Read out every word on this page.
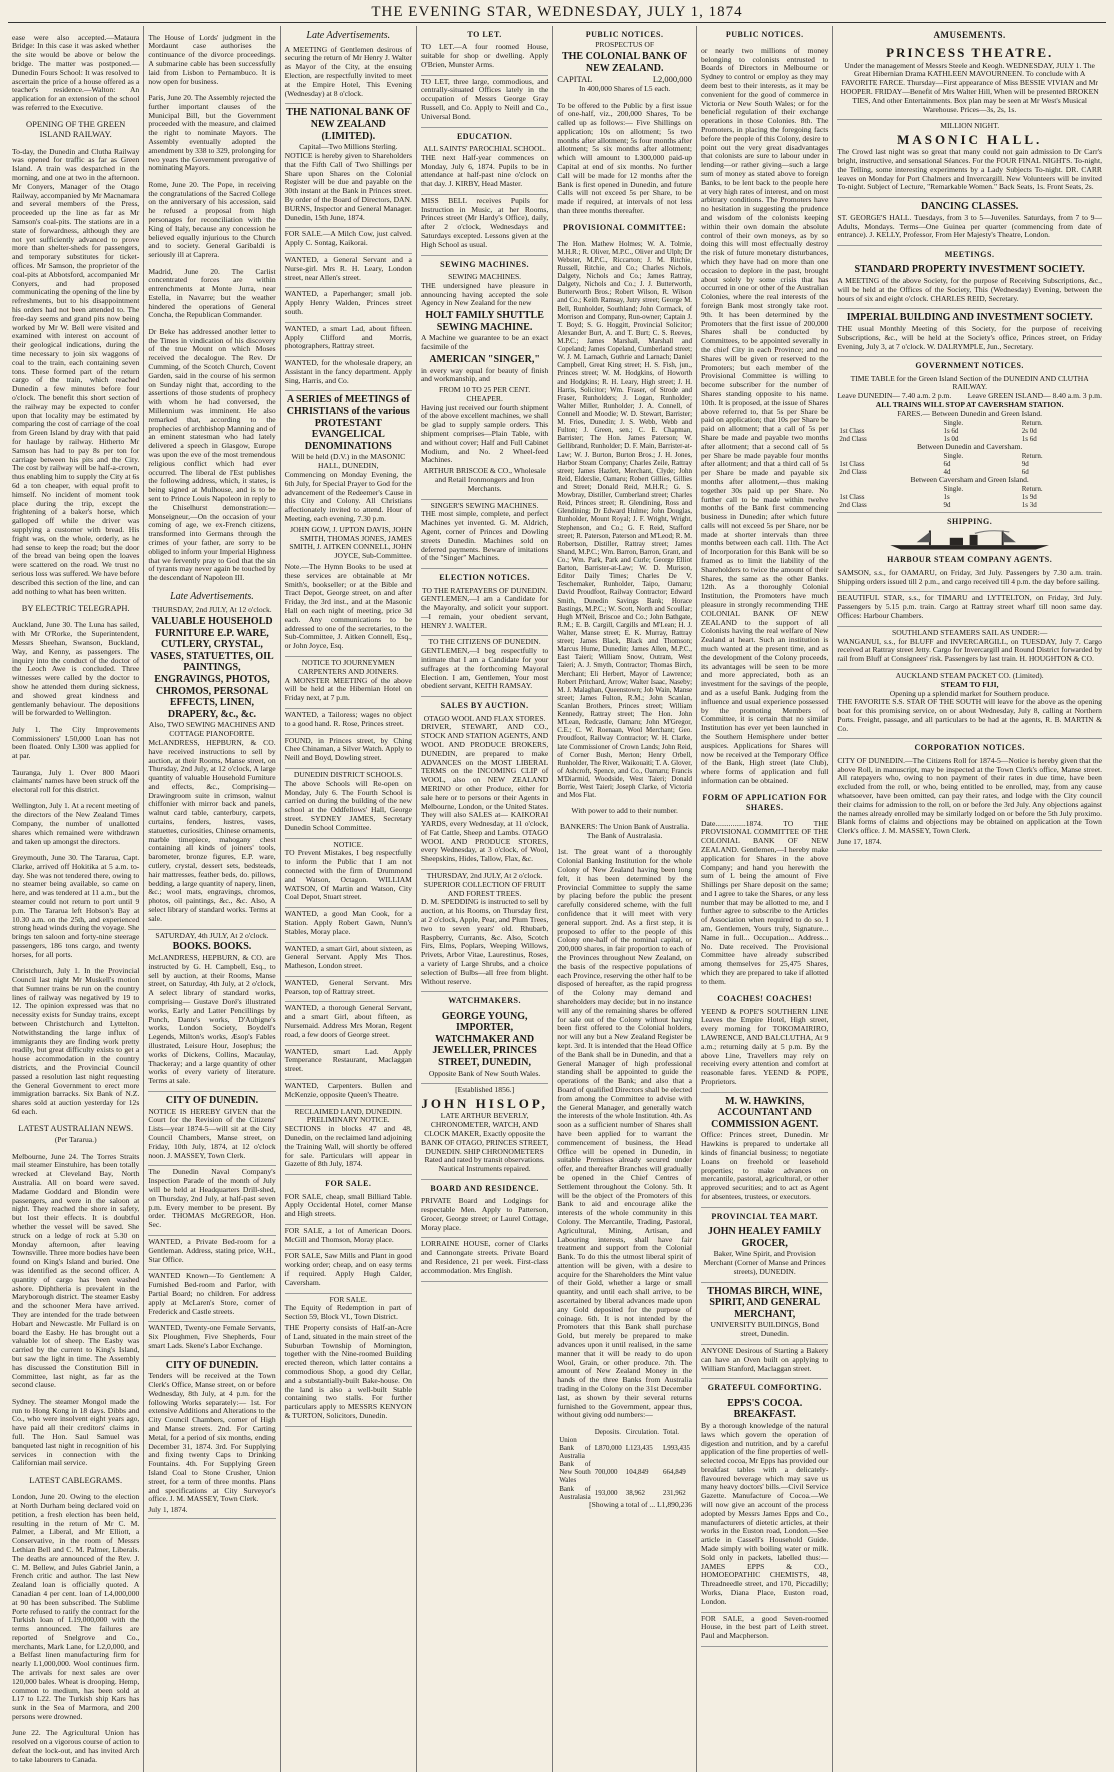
THE EVENING STAR, WEDNESDAY, JULY 1, 1874

ease were also accepted.—Mataura Bridge: In this case it was asked whether the site would be above or below the bridge. The matter was postponed.—Dunedin Fours School: It was resolved to ascertain the price of a house offered as a teacher's residence.—Walton: An application for an extension of the school was referred to the Executive.

OPENING OF THE GREEN ISLAND RAILWAY.

To-day, the Dunedin and Clutha Railway was opened for traffic as far as Green Island. A train was despatched in the morning, and one at two in the afternoon. Mr Conyers, Manager of the Otago Railway, accompanied by Mr Macnamara and several members of the Press, proceeded up the line as far as Mr Samson's coal-pits. The stations are in a state of forwardness, although they are not yet sufficiently advanced to prove more than shelter-sheds for passengers, and temporary substitutes for ticket-offices. Mr Samson, the proprietor of the coal-pits at Abbotsford, accompanied Mr Conyers, and had proposed communicating the opening of the line by refreshments, but to his disappointment his orders had not been attended to. The free-day seems and grand pits now being worked by Mr W. Bell were visited and examined with interest on account of their geological indications, during the time necessary to join six waggons of coal to the train, each containing seven tons. These formed part of the return cargo of the train, which reached Dunedin a few minutes before four o'clock. The benefit this short section of the railway may be expected to confer upon that locality may be estimated by comparing the cost of carriage of the coal from Green Island by dray with that paid for haulage by railway. Hitherto Mr Samson has had to pay 8s per ton for carriage between his pits and the City. The cost by railway will be half-a-crown, thus enabling him to supply the City at 6s 6d a ton cheaper, with equal profit to himself. No incident of moment took place during the trip, except the frightening of a baker's horse, which galloped off while the driver was supplying a customer with bread. His fright was, on the whole, orderly, as he had sense to keep the road; but the door of the bread van being open the loaves were scattered on the road. We trust no serious loss was suffered. We have before described this section of the line, and can add nothing to what has been written.

BY ELECTRIC TELEGRAPH.

Auckland, June 30. The Luna has sailed, with Mr O'Rorke, the Superintendent, Messrs Sheehan, Swanson, Buckland, Way, and Kenny, as passengers. The inquiry into the conduct of the doctor of the Leoch Awe is concluded. Three witnesses were called by the doctor to show he attended them during sickness, and showed great kindness and gentlemanly behaviour. The depositions will be forwarded to Wellington.

July 1. The City Improvements Commissioners' L50,000 Loan has not been floated. Only L300 was applied for at par.

Tauranga, July 1. Over 800 Maori claimants' names have been struck off the electoral roll for this district.

Wellington, July 1. At a recent meeting of the directors of the New Zealand Times Company, the number of unallotted shares which remained were withdrawn and taken up amongst the directors.

Greymouth, June 30. The Tararua, Capt. Clarke, arrived off Hokitika at 5 a.m. to-day. She was not tendered there, owing to no steamer being available, so came on here, and was tendered at 11 a.m., but the steamer could not return to port until 9 p.m. The Tararua left Hobson's Bay at 10.30 a.m. on the 25th, and experienced strong head winds during the voyage. She brings ten saloon and forty-nine steerage passengers, 186 tons cargo, and twenty horses, for all ports.

Christchurch, July 1. In the Provincial Council last night Mr Muskell's motion that Sumner trains be run on the country lines of railway was negatived by 19 to 12. The opinion expressed was that no necessity exists for Sunday trains, except between Christchurch and Lyttelton. Notwithstanding the large influx of immigrants they are finding work pretty readily, but great difficulty exists to get a house accommodation in the country districts, and the Provincial Council passed a resolution last night requesting the General Government to erect more immigration barracks. Six Bank of N.Z. shares sold at auction yesterday for 12s 6d each.

LATEST AUSTRALIAN NEWS.
(Per Tararua.)

Melbourne, June 24. The Torres Straits mail steamer Einstuhire, has been totally wrecked at Cleveland Bay, North Australia. All on board were saved. Madame Goddard and Blondin were passengers, and were in the saloon at night. They reached the shore in safety, but lost their effects. It is doubtful whether the vessel will be saved. She struck on a ledge of rock at 5.30 on Monday afternoon, after leaving Townsville. Three more bodies have been found on King's Island and buried. One was identified as the second officer. A quantity of cargo has been washed ashore. Diphtheria is prevalent in the Maryborough district. The steamer Easby and the schooner Mera have arrived. They are intended for the trade between Hobart and Newcastle. Mr Fullard is on board the Easby. He has brought out a valuable lot of sheep. The Easby was carried by the current to King's Island, but saw the light in time. The Assembly has discussed the Constitution Bill in Committee, last night, as far as the second clause.

Sydney. The steamer Mongol made the run to Hong Kong in 18 days. Dibbs and Co., who were insolvent eight years ago, have paid all their creditors' claims in full. The Hon. Saul Samuel was banqueted last night in recognition of his services in connection with the Californian mail service.

LATEST CABLEGRAMS.

London, June 20. Owing to the election at North Durham being declared void on petition, a fresh election has been held, resulting in the return of Mr C. M. Palmer, a Liberal, and Mr Elliott, a Conservative, in the room of Messrs Lethian Bell and C. M. Palmer, Liberals. The deaths are announced of the Rev. J. C. M. Bellew, and Jules Gabriel Janin, a French critic and author. The last New Zealand loan is officially quoted. A Canadian 4 per cent. loan of L4,000,000 at 90 has been subscribed. The Sublime Porte refused to ratify the contract for the Turkish loan of L19,000,000 with the terms announced. The failures are reported of Snelgrove and Co., merchants, Mark Lane, for L2,0,000, and a Belfast linen manufacturing firm for nearly L1,000,000. Wool continues firm. The arrivals for next sales are over 120,000 bales. Wheat is drooping. Hemp, common to medium, has been sold at L17 to L22. The Turkish ship Kars has sunk in the Sea of Marmora, and 200 persons were drowned.

June 22. The Agricultural Union has resolved on a vigorous course of action to defeat the lock-out, and has invited Arch to take labourers to Canada.

The House of Lords' judgment in the Mordaunt case authorises the continuance of the divorce proceedings. A submarine cable has been successfully laid from Lisbon to Pernambuco. It is now open for business.

Paris, June 20. The Assembly rejected the further important clauses of the Municipal Bill, but the Government proceeded with the measure, and claimed the right to nominate Mayors. The Assembly eventually adopted the amendment by 338 to 329, prolonging for two years the Government prerogative of nominating Mayors.

Rome, June 20. The Pope, in receiving the congratulations of the Sacred College on the anniversary of his accession, said he refused a proposal from high personages for reconciliation with the King of Italy, because any concession he believed equally injurious to the Church and to society. General Garibaldi is seriously ill at Caprera.

Madrid, June 20. The Carlist concentrated forces are within entrenchments at Monte Jurra, near Estella, in Navarre; but the weather hindered the operations of General Concha, the Republican Commander.

Dr Beke has addressed another letter to the Times in vindication of his discovery of the true Mount on which Moses received the decalogue. The Rev. Dr Cumming, of the Scotch Church, Covent Garden, said in the course of his sermon on Sunday night that, according to the assertions of those students of prophecy with whom he had conversed, the Millennium was imminent. He also remarked that, according to the prophecies of archbishop Manning and of an eminent statesman who had lately delivered a speech in Glasgow, Europe was upon the eve of the most tremendous religious conflict which had ever occurred. The liberal de l'Est publishes the following address, which, it states, is being signed at Mulhouse, and is to be sent to Prince Louis Napoleon in reply to the Chiselhurst demonstration:—Monseigneur,—On the occasion of your coming of age, we ex-French citizens, transformed into Germans through the crimes of your father, are sorry to be obliged to inform your Imperial Highness that we fervently pray to God that the sin of tyrants may never again be touched by the descendant of Napoleon III.

Late Advertisements.
THURSDAY, 2nd JULY, At 12 o'clock.
VALUABLE HOUSEHOLD FURNITURE E.P. WARE, CUTLERY, CRYSTAL, VASES, STATUETTES, OIL PAINTINGS, ENGRAVINGS, PHOTOS, CHROMOS, PERSONAL EFFECTS, LINEN, DRAPERY, &c., &c.
Also, TWO SEWING MACHINES AND COTTAGE PIANOFORTE.

McLANDRESS, HEPBURN, & CO. have received instructions to sell by auction, at their Rooms, Manse street, on Thursday, 2nd July, at 12 o'clock, A large quantity of valuable Household Furniture and effects, &c., Comprising— Drawingroom suite in crimson, walnut chiffonier with mirror back and panels, walnut card table, canterbury, carpets, curtains, fenders, lustres, vases, statuettes, curiosities, Chinese ornaments, marble timepiece, mahogany chest containing all kinds of joiners' tools, barometer, bronze figures, E.P. ware, cutlery, crystal, dessert sets, bedsteads, hair mattresses, feather beds, do. pillows, bedding, a large quantity of napery, linen, &c.; wool mats, engravings, chromos, photos, oil paintings, &c., &c. Also, A select library of standard works. Terms at sale.

SATURDAY, 4th JULY, At 2 o'clock.
BOOKS. BOOKS.

McLANDRESS, HEPBURN, & CO. are instructed by G. H. Campbell, Esq., to sell by auction, at their Rooms, Manse street, on Saturday, 4th July, at 2 o'clock, A select library of standard works, comprising— Gustave Doré's illustrated works, Early and Latter Pencillings by Punch, Dante's works, D'Aubigne's works, London Society, Boydell's Legends, Milton's works, Æsop's Fables illustrated, Leisure Hour, Josephus; the works of Dickens, Collins, Macaulay, Thackeray; and a large quantity of other works of every variety of literature. Terms at sale.

CITY OF DUNEDIN.

NOTICE IS HEREBY GIVEN that the Court for the Revision of the Citizens' Lists—year 1874-5—will sit at the City Council Chambers, Manse street, on Friday, 10th July, 1874, at 12 o'clock noon. J. MASSEY, Town Clerk.

The Dunedin Naval Company's Inspection Parade of the month of July will be held at Headquarters Drill-shed, on Thursday, 2nd July, at half-past seven p.m. Every member to be present. By order. THOMAS McGREGOR, Hon. Sec.

WANTED, a Private Bed-room for a Gentleman. Address, stating price, W.H., Star Office.

WANTED Known—To Gentlemen: A Furnished Bed-room and Parlor, with Partial Board; no children. For address apply at McLaren's Store, corner of Frederick and Castle streets.

WANTED, Twenty-one Female Servants, Six Ploughmen, Five Shepherds, Four smart Lads. Skene's Labor Exchange.

CITY OF DUNEDIN.

Tenders will be received at the Town Clerk's Office, Manse street, on or before Wednesday, 8th July, at 4 p.m. for the following Works separately:— 1st. For extensive Additions and Alterations to the City Council Chambers, corner of High and Manse streets. 2nd. For Carting Metal, for a period of six months, ending December 31, 1874. 3rd. For Supplying and fixing twenty Caps to Drinking Fountains. 4th. For Supplying Green Island Coal to Stone Crusher, Union street, for a term of three months. Plans and specifications at City Surveyor's office. J. M. MASSEY, Town Clerk.

July 1, 1874.
Late Advertisements.

A MEETING of Gentlemen desirous of securing the return of Mr Henry J. Walter as Mayor of the City, at the ensuing Election, are respectfully invited to meet at the Empire Hotel, This Evening (Wednesday) at 8 o'clock.

THE NATIONAL BANK OF NEW ZEALAND (LIMITED).
Capital—Two Millions Sterling.

NOTICE is hereby given to Shareholders that the Fifth Call of Two Shillings per Share upon Shares on the Colonial Register will be due and payable on the 30th instant at the Bank in Princes street. By order of the Board of Directors, DAN. BURNS, Inspector and General Manager. Dunedin, 15th June, 1874.

FOR SALE.—A Milch Cow, just calved. Apply C. Sontag, Kaikorai.

WANTED, a General Servant and a Nurse-girl. Mrs R. H. Leary, London street, near Allen's street.

WANTED, a Paperhanger; small job. Apply Henry Walden, Princes street south.

WANTED, a smart Lad, about fifteen. Apply Clifford and Morris, photographers, Rattray street.

WANTED, for the wholesale drapery, an Assistant in the fancy department. Apply Sing, Harris, and Co.

A SERIES of MEETINGS of CHRISTIANS of the various PROTESTANT EVANGELICAL DENOMINATIONS
Will be held (D.V.) in the MASONIC HALL, DUNEDIN,

Commencing on Monday Evening, the 6th July, for Special Prayer to God for the advancement of the Redeemer's Cause in this City and Colony. All Christians affectionately invited to attend. Hour of Meeting, each evening, 7.30 p.m.

JOHN GOW, J. UPTON DAVIS, JOHN SMITH, THOMAS JONES, JAMES SMITH, J. AITKEN CONNELL, JOHN JOYCE, Sub-Committee.

Note.—The Hymn Books to be used at these services are obtainable at Mr Smith's, bookseller; or at the Bible and Tract Depot, George street, on and after Friday, the 3rd inst., and at the Masonic Hall on each night of meeting, price 3d each. Any communications to be addressed to one of the secretaries, to the Sub-Committee, J. Aitken Connell, Esq., or John Joyce, Esq.

NOTICE TO JOURNEYMEN CARPENTERS AND JOINERS.

A MONSTER MEETING of the above will be held at the Hibernian Hotel on Friday next, at 7 p.m.

WANTED, a Tailoress; wages no object to a good hand. R. Rose, Princes street.

FOUND, in Princes street, by Ching Chee Chinaman, a Silver Watch. Apply to Neill and Boyd, Dowling street.

DUNEDIN DISTRICT SCHOOLS.

The above Schools will Re-open on Monday, July 6. The Fourth School is carried on during the building of the new school at the Oddfellows' Hall, George street. SYDNEY JAMES, Secretary Dunedin School Committee.

NOTICE.

TO Prevent Mistakes, I beg respectfully to inform the Public that I am not connected with the firm of Drummond and Watson, Octagon. WILLIAM WATSON, Of Martin and Watson, City Coal Depot, Stuart street.

WANTED, a good Man Cook, for a Station. Apply Robert Gawn, Nunn's Stables, Moray place.

WANTED, a smart Girl, about sixteen, as General Servant. Apply Mrs Thos. Matheson, London street.

WANTED, General Servant. Mrs Pearson, top of Rattray street.

WANTED, a thorough General Servant, and a smart Girl, about fifteen, as Nursemaid. Address Mrs Moran, Regent road, a few doors of George street.

WANTED, smart Lad. Apply Temperance Restaurant, Maclaggan street.

WANTED, Carpenters. Bullen and McKenzie, opposite Queen's Theatre.

RECLAIMED LAND, DUNEDIN.
PRELIMINARY NOTICE.

SECTIONS in blocks 47 and 48, Dunedin, on the reclaimed land adjoining the Training Wall, will shortly be offered for sale. Particulars will appear in Gazette of 8th July, 1874.

FOR SALE.

FOR SALE, cheap, small Billiard Table. Apply Occidental Hotel, corner Manse and High streets.

FOR SALE, a lot of American Doors. McGill and Thomson, Moray place.

FOR SALE, Saw Mills and Plant in good working order; cheap, and on easy terms if required. Apply Hugh Calder, Caversham.

FOR SALE.

The Equity of Redemption in part of Section 59, Block VI., Town District.

THE Property consists of Half-an-Acre of Land, situated in the main street of the Suburban Township of Mornington, together with the Nine-roomed Building erected thereon, which latter contains a commodious Shop, a good dry Cellar, and a substantially-built Bake-house. On the land is also a well-built Stable containing two stalls. For further particulars apply to MESSRS KENYON & TURTON, Solicitors, Dunedin.

TO LET.

TO LET.—A four roomed House, suitable for shop or dwelling. Apply O'Brien, Munster Arms.

TO LET, three large, commodious, and centrally-situated Offices lately in the occupation of Messrs George Gray Russell, and Co. Apply to Neill and Co., Universal Bond.

EDUCATION.
ALL SAINTS' PAROCHIAL SCHOOL.

THE next Half-year commences on Monday, July 6, 1874. Pupils to be in attendance at half-past nine o'clock on that day. J. KIRBY, Head Master.

MISS BELL receives Pupils for Instruction in Music, at her Rooms, Princes street (Mr Hardy's Office), daily, after 2 o'clock, Wednesdays and Saturdays excepted. Lessons given at the High School as usual.

SEWING MACHINES.
SEWING MACHINES.

THE undersigned have pleasure in announcing having accepted the sole Agency in New Zealand for the new

HOLT FAMILY SHUTTLE SEWING MACHINE.

A Machine we guarantee to be an exact facsimile of the

AMERICAN "SINGER,"

in every way equal for beauty of finish and workmanship, and

FROM 10 TO 25 PER CENT. CHEAPER.

Having just received our fourth shipment of the above excellent machines, we shall be glad to supply sample orders. This shipment comprises—Plain Table, with and without cover; Half and Full Cabinet Modium, and No. 2 Wheel-feed Machines.

ARTHUR BRISCOE & CO., Wholesale and Retail Ironmongers and Iron Merchants.

SINGER'S SEWING MACHINES.

THE most simple, complete, and perfect Machines yet invented. G. M. Aldrich, Agent, corner of Princes and Dowling streets Dunedin. Machines sold on deferred payments. Beware of imitations of the "Singer" Machines.

ELECTION NOTICES.
TO THE RATEPAYERS OF DUNEDIN.

GENTLEMEN,—I am a Candidate for the Mayoralty, and solicit your support.—I remain, your obedient servant, HENRY J. WALTER.

TO THE CITIZENS OF DUNEDIN.

GENTLEMEN,—I beg respectfully to intimate that I am a Candidate for your suffrages at the forthcoming Mayoral Election. I am, Gentlemen, Your most obedient servant, KEITH RAMSAY.

SALES BY AUCTION.
OTAGO WOOL AND FLAX STORES.

DRIVER, STEWART, AND CO., STOCK AND STATION AGENTS, AND WOOL AND PRODUCE BROKERS, DUNEDIN, are prepared to make ADVANCES on the MOST LIBERAL TERMS on the INCOMING CLIP of WOOL, also on NEW ZEALAND MERINO or other Produce, either for sale here or to persons or their Agents in Melbourne, London, or the United States. They will also SALES at— KAIKORAI YARDS, every Wednesday, at 11 o'clock, of Fat Cattle, Sheep and Lambs. OTAGO WOOL AND PRODUCE STORES, every Wednesday, at 3 o'clock, of Wool, Sheepskins, Hides, Tallow, Flax, &c.

THURSDAY, 2nd JULY, At 2 o'clock.
SUPERIOR COLLECTION OF FRUIT AND FOREST TREES.

D. M. SPEDDING is instructed to sell by auction, at his Rooms, on Thursday first, at 2 o'clock, Apple, Pear, and Plum Trees, two to seven years' old. Rhubarb, Raspberry, Currants, &c. Also, Scotch Firs, Elms, Poplars, Weeping Willows, Privets, Arbor Vitae, Laurestinus, Roses, a variety of Large Shrubs, and a choice selection of Bulbs—all free from blight. Without reserve.

WATCHMAKERS.
GEORGE YOUNG, IMPORTER, WATCHMAKER AND JEWELLER, PRINCES STREET, DUNEDIN,

Opposite Bank of New South Wales.

[Established 1856.]
JOHN HISLOP,

LATE ARTHUR BEVERLY, CHRONOMETER, WATCH, AND CLOCK MAKER, Exactly opposite the BANK OF OTAGO, PRINCES STREET, DUNEDIN. SHIP CHRONOMETERS Rated and rated by transit observations. Nautical Instruments repaired.

BOARD AND RESIDENCE.

PRIVATE Board and Lodgings for respectable Men. Apply to Patterson, Grocer, George street; or Laurel Cottage, Moray place.

LORRAINE HOUSE, corner of Clarks and Cannongate streets. Private Board and Residence, 21 per week. First-class accommodation. Mrs English.

PUBLIC NOTICES.
PROSPECTUS OF
THE COLONIAL BANK OF NEW ZEALAND.
CAPITAL	L2,000,000
In 400,000 Shares of L5 each.

To be offered to the Public by a first issue of one-half, viz., 200,000 Shares, To be called up as follows:— Five Shillings on application; 10s on allotment; 5s two months after allotment; 5s four months after allotment; 5s six months after allotment; which will amount to L300,000 paid-up Capital at end of six months. No further Call will be made for 12 months after the Bank is first opened in Dunedin, and future Calls will not exceed 5s per Share, to be made if required, at intervals of not less than three months thereafter.

PROVISIONAL COMMITTEE:

The Hon. Mathew Holmes; W. A. Tolmie, M.H.R.; R. Oliver, M.P.C., Oliver and Ulph; Dr Webster, M.P.C., Riccarton; J. M. Ritchie, Russell, Ritchie, and Co.; Charles Nichols, Dalgety, Nichols and Co.; James Rattray, Dalgety, Nichols and Co.; J. J. Butterworth, Butterworth Bros.; Robert Wilson, R. Wilson and Co.; Keith Ramsay, Jutry street; George M. Bell, Runholder, Southland; John Cormack, of Morrison and Company, Run-owner; Captain J. T. Boyd; S. G. Hoggitt, Provincial Solicitor; Alexander Burt, A. and T. Burt; C. S. Reeves, M.P.C.; James Marshall, Marshall and Copeland; James Copeland, Cumberland street; W. J. M. Larnach, Guthrie and Larnach; Daniel Campbell, Great King street; H. S. Fish, jun., Princes street; W. M. Hodgkins, of Howorth and Hodgkins; R. H. Leary, High street; J. H. Harris, Solicitor; Wm. Fraser, of Strode and Fraser, Runholders; J. Logan, Runholder; Walter Miller, Runholder; J. A. Connell, of Connell and Moodie; W. D. Stewart, Barrister; M. Fries, Dunedin; J. S. Webb, Webb and Fulton; J. Green, sen.; C. E. Chapman, Barrister; The Hon. James Paterson; W. Gellibrand, Runholder; D. F. Main, Barrister-at-Law; W. J. Burton, Burton Bros.; J. H. Jones, Harbor Steam Company; Charles Zeile, Rattray street; James Hazlett, Merchant, Clyde; John Reid, Elderslie, Oamaru; Robert Gillies, Gillies and Street; Donald Reid, M.H.R.; G. S. Mowbray, Distiller, Cumberland street; Charles Reid, Princes street; R. Glendining, Ross and Glendining; Dr Edward Hulme; John Douglas, Runholder, Mount Royal; J. F. Wright, Wright, Stephenson, and Co.; G. F. Reid, Stafford street; R. Paterson, Paterson and M'Leod; R. M. Robertson, Distiller, Rattray street; James Shand, M.P.C.; Wm. Barron, Barron, Grant, and Co.; Wm. Park, Park and Curle; George Elliot Barton, Barrister-at-Law; W. D. Murison, Editor Daily Times; Charles De V. Teschemaker, Runholder, Taipo, Oamaru; David Proudfoot, Railway Contractor; Edward Smith, Dunedin Savings Bank; Horace Bastings, M.P.C.; W. Scott, North and Scoullar; Hugh M'Neil, Briscoe and Co.; John Bathgate, R.M.; E. B. Cargill, Cargills and M'Lean; H. J. Walter, Manse street; E. K. Murray, Rattray street; James Black, Black and Thomson; Marcus Hume, Dunedin; James Allen, M.P.C., East Taieri; William Snow, Outram, West Taieri; A. J. Smyth, Contractor; Thomas Birch, Merchant; Eli Herbert, Mayor of Lawrence; Robert Pritchard, Arrow; Walter Isaac, Naseby; M. J. Malaghan, Queenstown; Job Wain, Manse street; James Fulton, R.M.; John Scanlan, Scanlan Brothers, Princes street; William Kennedy, Rattray street; The Hon. John M'Lean, Redcastle, Oamaru; John M'Gregor, C.E.; C. W. Roenaan, Wool Merchant; Geo. Proudfoot, Railway Contractor; W. H. Clarke, late Commissioner of Crown Lands; John Reid, of Corner Bush, Merton; Henry Orbell, Runholder, The River, Waikouaiti; T. A. Glover, of Ashcroft, Spence, and Co., Oamaru; Francis M'Diarmid, Woodside, West Taieri; Donald Borrie, West Taieri; Joseph Clarke, of Victoria and Mos Flat.

With power to add to their number.

BANKERS: The Union Bank of Australia. The Bank of Australasia.

1st. The great want of a thoroughly Colonial Banking Institution for the whole Colony of New Zealand having been long felt, it has been determined by the Provincial Committee to supply the same by placing before the public the present carefully considered scheme, with the full confidence that it will meet with very general support. 2nd. As a first step, it is proposed to offer to the people of this Colony one-half of the nominal capital, or 200,000 shares, in fair proportion to each of the Provinces throughout New Zealand, on the basis of the respective populations of each Province, reserving the other half to be disposed of hereafter, as the rapid progress of the Colony may demand and shareholders may decide; but in no instance will any of the remaining shares be offered for sale out of the Colony without having been first offered to the Colonial holders, nor will any but a New Zealand Register be kept. 3rd. It is intended that the Head Office of the Bank shall be in Dunedin, and that a General Manager of high professional standing shall be appointed to guide the operations of the Bank; and also that a Board of qualified Directors shall be elected from among the Committee to advise with the General Manager, and generally watch the interests of the whole Institution. 4th. As soon as a sufficient number of Shares shall have been applied for to warrant the commencement of business, the Head Office will be opened in Dunedin, in suitable Premises already secured under offer, and thereafter Branches will gradually be opened in the Chief Centres of Settlement throughout the Colony. 5th. It will be the object of the Promoters of this Bank to aid and encourage alike the interests of the whole community in this Colony. The Mercantile, Trading, Pastoral, Agricultural, Mining, Artisan, and Labouring interests, shall have fair treatment and support from the Colonial Bank. To do this the utmost liberal spirit of attention will be given, with a desire to acquire for the Shareholders the Mint value of their Gold, whether a large or small quantity, and until each shall arrive, to be ascertained by liberal advances made upon any Gold deposited for the purpose of coinage. 6th. It is not intended by the Promoters that this Bank shall purchase Gold, but merely be prepared to make advances upon it until realised, in the same manner that it will be ready to do upon Wool, Grain, or other produce. 7th. The amount of New Zealand Money in the hands of the three Banks from Australia trading in the Colony on the 31st December last, as shown by their several returns furnished to the Government, appear thus, without giving odd numbers:—

	Deposits.	Circulation.	Total.
Union Bank of Australia	L870,000	L123,435	L993,435
Bank of New South Wales	700,000	104,849	664,849
Bank of Australasia	193,000	38,962	231,962
[Showing a total of ... L1,890,236
PUBLIC NOTICES.

or nearly two millions of money belonging to colonists entrusted to Boards of Directors in Melbourne or Sydney to control or employ as they may deem best to their interests, as it may be convenient for the good of commerce in Victoria or New South Wales; or for the beneficial regulation of their exchange operations in those Colonies. 8th. The Promoters, in placing the foregoing facts before the people of this Colony, desire to point out the very great disadvantages that colonists are sure to labour under in lending—or rather giving—such a large sum of money as stated above to foreign Banks, to be lent back to the people here at very high rates of interest, and on most arbitrary conditions. The Promoters have no hesitation in suggesting the prudence and wisdom of the colonists keeping within their own domain the absolute control of their own moneys, as by so doing this will most effectually destroy the risk of future monetary disturbances, which they have had on more than one occasion to deplore in the past, brought about solely by some crisis that has occurred in one or other of the Australian Colonies, where the real interests of the foreign Bank most strongly take root. 9th. It has been determined by the Promoters that the first issue of 200,000 Shares shall be conducted by Committees, to be appointed severally in the chief City in each Province; and no Shares will be given or reserved to the Promoters; but each member of the Provisional Committee is willing to become subscriber for the number of Shares standing opposite to his name. 10th. It is proposed, at the issue of Shares above referred to, that 5s per Share be paid on application; that 10s per Share be paid on allotment; that a call of 5s per Share be made and payable two months after allotment; that a second call of 5s per Share be made payable four months after allotment; and that a third call of 5s per Share be made and payable six months after allotment,—thus making together 30s paid up per Share. No further call to be made within twelve months of the Bank first commencing business in Dunedin; after which future calls will not exceed 5s per Share, nor be made at shorter intervals than three months between each call. 11th. The Act of Incorporation for this Bank will be so framed as to limit the liability of the Shareholders to twice the amount of their Shares, the same as the other Banks. 12th. As a thoroughly Colonial Institution, the Promoters have much pleasure in strongly recommending THE COLONIAL BANK OF NEW ZEALAND to the support of all Colonists having the real welfare of New Zealand at heart. Such an institution is much wanted at the present time, and as the development of the Colony proceeds, its advantages will be seen to be more and more appreciated, both as an investment for the savings of the people, and as a useful Bank. Judging from the influence and usual experience possessed by the promoting Members of Committee, it is certain that no similar Institution has ever yet been launched in the Southern Hemisphere under better auspices. Applications for Shares will now be received at the Temporary Office of the Bank, High street (late Club), where forms of application and full information can be obtained.

FORM OF APPLICATION FOR SHARES.

Date................1874. TO THE PROVISIONAL COMMITTEE OF THE COLONIAL BANK OF NEW ZEALAND. Gentlemen,—I hereby make application for Shares in the above Company; and hand you herewith the sum of L being the amount of Five Shillings per Share deposit on the same; and I agree to take the Shares, or any less number that may be allotted to me, and I further agree to subscribe to the Articles of Association when required to do so. I am, Gentlemen, Yours truly, Signature... Name in full... Occupation... Address... No. Date received. The Provisional Committee have already subscribed among themselves for 25,475 Shares, which they are prepared to take if allotted to them.

COACHES! COACHES!

YEEND & POPE'S SOUTHERN LINE Leaves the Empire Hotel, High street, every morning for TOKOMAIRIRO, LAWRENCE, AND BALCLUTHA, At 9 a.m.; returning daily at 5 p.m. By the above Line, Travellers may rely on receiving every attention and comfort at reasonable fares. YEEND & POPE, Proprietors.

M. W. HAWKINS, ACCOUNTANT AND COMMISSION AGENT.

Office: Princes street, Dunedin. Mr Hawkins is prepared to undertake all kinds of financial business; to negotiate Loans on freehold or leasehold properties; to make advances on mercantile, pastoral, agricultural, or other approved securities; and to act as Agent for absentees, trustees, or executors.

PROVINCIAL TEA MART.
JOHN HEALEY FAMILY GROCER,

Baker, Wine Spirit, and Provision Merchant (Corner of Manse and Princes streets), DUNEDIN.

THOMAS BIRCH, WINE, SPIRIT, AND GENERAL MERCHANT,

UNIVERSITY BUILDINGS, Bond street, Dunedin.

ANYONE Desirous of Starting a Bakery can have an Oven built on applying to William Stanford, Maclaggan street.

GRATEFUL COMFORTING.
EPPS'S COCOA. BREAKFAST.

By a thorough knowledge of the natural laws which govern the operation of digestion and nutrition, and by a careful application of the fine properties of well-selected cocoa, Mr Epps has provided our breakfast tables with a delicately-flavoured beverage which may save us many heavy doctors' bills.—Civil Service Gazette. Manufacture of Cocoa.—We will now give an account of the process adopted by Messrs James Epps and Co., manufacturers of dietetic articles, at their works in the Euston road, London.—See article in Cassell's Household Guide. Made simply with boiling water or milk. Sold only in packets, labelled thus:— JAMES EPPS & CO., HOMOEOPATHIC CHEMISTS, 48, Threadneedle street, and 170, Piccadilly; Works, Diana Place, Euston road, London.

FOR SALE, a good Seven-roomed House, in the best part of Leith street. Paul and Macpherson.

AMUSEMENTS.
PRINCESS THEATRE.

Under the management of Messrs Steele and Keogh. WEDNESDAY, JULY 1. The Great Hibernian Drama KATHLEEN MAVOURNEEN. To conclude with A FAVORITE FARCE. Thursday—First appearance of Miss BESSIE VIVIAN and Mr HOOPER. FRIDAY—Benefit of Mrs Walter Hill, When will be presented BROKEN TIES, And other Entertainments. Box plan may be seen at Mr West's Musical Warehouse. Prices—3s, 2s, 1s.

MILLION NIGHT.
MASONIC HALL.

The Crowd last night was so great that many could not gain admission to Dr Carr's bright, instructive, and sensational Séances. For the FOUR FINAL NIGHTS. To-night, the Telling, some interesting experiments by a Lady Subjects To-night. DR. CARR leaves on Monday for Port Chalmers and Invercargill. New Volunteers will be invited To-night. Subject of Lecture, "Remarkable Women." Back Seats, 1s. Front Seats, 2s.

DANCING CLASSES.

ST. GEORGE'S HALL. Tuesdays, from 3 to 5—Juveniles. Saturdays, from 7 to 9—Adults, Mondays. Terms—One Guinea per quarter (commencing from date of entrance). J. KELLY, Professor, From Her Majesty's Theatre, London.

MEETINGS.
STANDARD PROPERTY INVESTMENT SOCIETY.

A MEETING of the above Society, for the purpose of Receiving Subscriptions, &c., will be held at the Offices of the Society, This (Wednesday) Evening, between the hours of six and eight o'clock. CHARLES REID, Secretary.

IMPERIAL BUILDING AND INVESTMENT SOCIETY.

THE usual Monthly Meeting of this Society, for the purpose of receiving Subscriptions, &c., will be held at the Society's office, Princes street, on Friday Evening, July 3, at 7 o'clock. W. DALRYMPLE, Jun., Secretary.

GOVERNMENT NOTICES.
TIME TABLE for the Green Island Section of the DUNEDIN AND CLUTHA RAILWAY.
Leave DUNEDIN— 7.40 a.m. 2 p.m. Leave GREEN ISLAND— 8.40 a.m. 3 p.m.
ALL TRAINS WILL STOP AT CAVERSHAM STATION.
FARES.— Between Dunedin and Green Island.
	Single.	Return.
1st Class	1s 6d	2s 0d
2nd Class	1s 0d	1s 6d
Between Dunedin and Caversham.
	Single.	Return.
1st Class	6d	9d
2nd Class	4d	6d
Between Caversham and Green Island.
	Single.	Return.
1st Class	1s	1s 9d
2nd Class	9d	1s 3d
SHIPPING.
HARBOUR STEAM COMPANY AGENTS.

SAMSON, s.s., for OAMARU, on Friday, 3rd July. Passengers by 7.30 a.m. train. Shipping orders issued till 2 p.m., and cargo received till 4 p.m. the day before sailing.

BEAUTIFUL STAR, s.s., for TIMARU and LYTTELTON, on Friday, 3rd July. Passengers by 5.15 p.m. train. Cargo at Rattray street wharf till noon same day. Offices: Harbour Chambers.

SOUTHLAND STEAMERS SAIL AS UNDER:—

WANGANUI, s.s., for BLUFF and INVERCARGILL, on TUESDAY, July 7. Cargo received at Rattray street Jetty. Cargo for Invercargill and Round District forwarded by rail from Bluff at Consignees' risk. Passengers by last train. H. HOUGHTON & CO.

AUCKLAND STEAM PACKET CO. (Limited).
STEAM TO FIJI,
Opening up a splendid market for Southern produce.

THE FAVORITE S.S. STAR OF THE SOUTH will leave for the above as the opening boat for this promising service, on or about Wednesday, July 8, calling at Northern Ports. Freight, passage, and all particulars to be had at the agents, R. B. MARTIN & Co.

CORPORATION NOTICES.

CITY OF DUNEDIN.—The Citizens Roll for 1874-5—Notice is hereby given that the above Roll, in manuscript, may be inspected at the Town Clerk's office, Manse street. All ratepayers who, owing to non payment of their rates in due time, have been excluded from the roll, or who, being entitled to be enrolled, may, from any cause whatsoever, have been omitted, can pay their rates, and lodge with the City council their claims for admission to the roll, on or before the 3rd July. Any objections against the names already enrolled may be similarly lodged on or before the 5th July proximo. Blank forms of claims and objections may be obtained on application at the Town Clerk's office. J. M. MASSEY, Town Clerk.

June 17, 1874.
